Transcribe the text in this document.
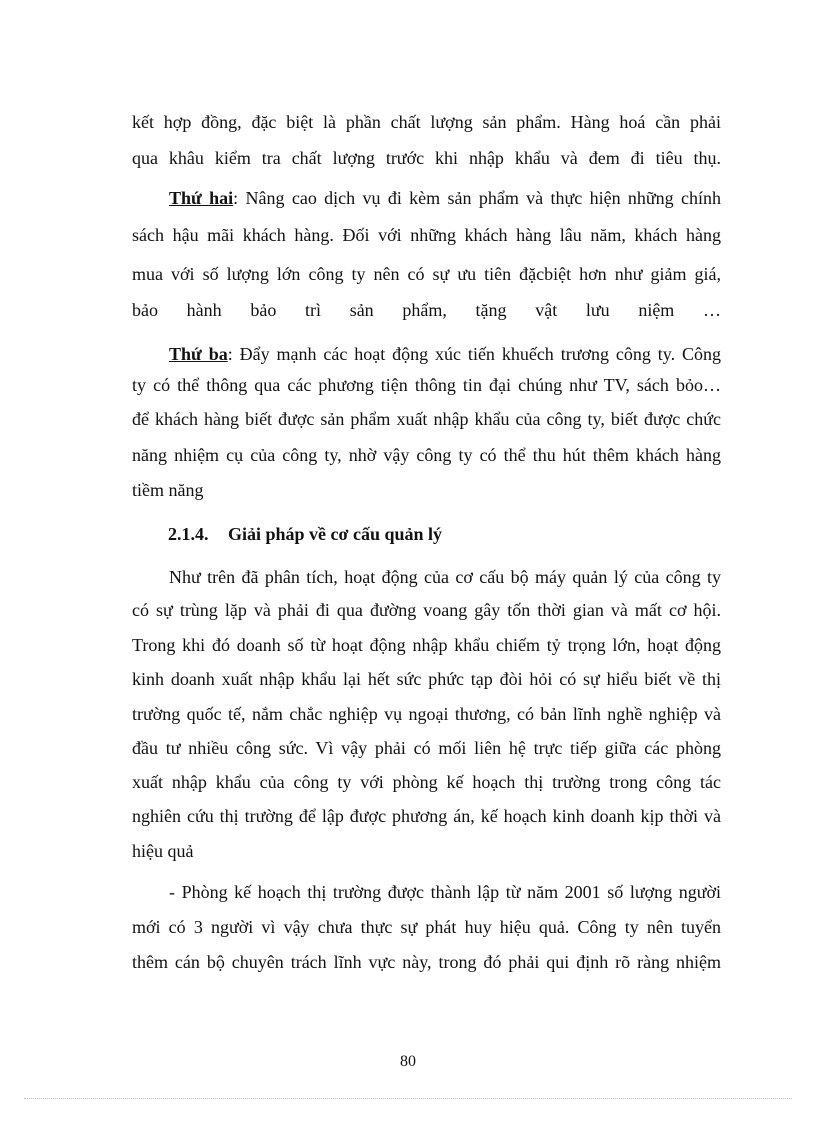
kết hợp đồng, đặc biệt là phần chất lượng sản phẩm. Hàng hoá cần phải
qua khâu kiểm tra chất lượng trước khi nhập khẩu và đem đi tiêu thụ.
Thứ hai: Nâng cao dịch vụ đi kèm sản phẩm và thực hiện những chính
sách hậu mãi khách hàng. Đối với những khách hàng lâu năm, khách hàng
mua với số lượng lớn công ty nên có sự ưu tiên đặcbiệt hơn như giảm giá,
bảo hành bảo trì sản phẩm, tặng vật lưu niệm …
Thứ ba: Đẩy mạnh các hoạt động xúc tiến khuếch trương công ty. Công
ty có thể thông qua các phương tiện thông tin đại chúng như TV, sách bỏo…
để khách hàng biết được sản phẩm xuất nhập khẩu của công ty, biết được chức
năng nhiệm cụ của công ty, nhờ vậy công ty có thể thu hút thêm khách hàng
tiềm năng
2.1.4. Giải pháp về cơ cấu quản lý
Như trên đã phân tích, hoạt động của cơ cấu bộ máy quản lý của công ty
có sự trùng lặp và phải đi qua đường voang gây tốn thời gian và mất cơ hội.
Trong khi đó doanh số từ hoạt động nhập khẩu chiếm tỷ trọng lớn, hoạt động
kinh doanh xuất nhập khẩu lại hết sức phức tạp đòi hỏi có sự hiểu biết về thị
trường quốc tế, nắm chắc nghiệp vụ ngoại thương, có bản lĩnh nghề nghiệp và
đầu tư nhiều công sức. Vì vậy phải có mối liên hệ trực tiếp giữa các phòng
xuất nhập khẩu của công ty với phòng kế hoạch thị trường trong công tác
nghiên cứu thị trường để lập được phương án, kế hoạch kinh doanh kịp thời và
hiệu quả
- Phòng kế hoạch thị trường được thành lập từ năm 2001 số lượng người
mới có 3 người vì vậy chưa thực sự phát huy hiệu quả. Công ty nên tuyển
thêm cán bộ chuyên trách lĩnh vực này, trong đó phải qui định rõ ràng nhiệm
80
